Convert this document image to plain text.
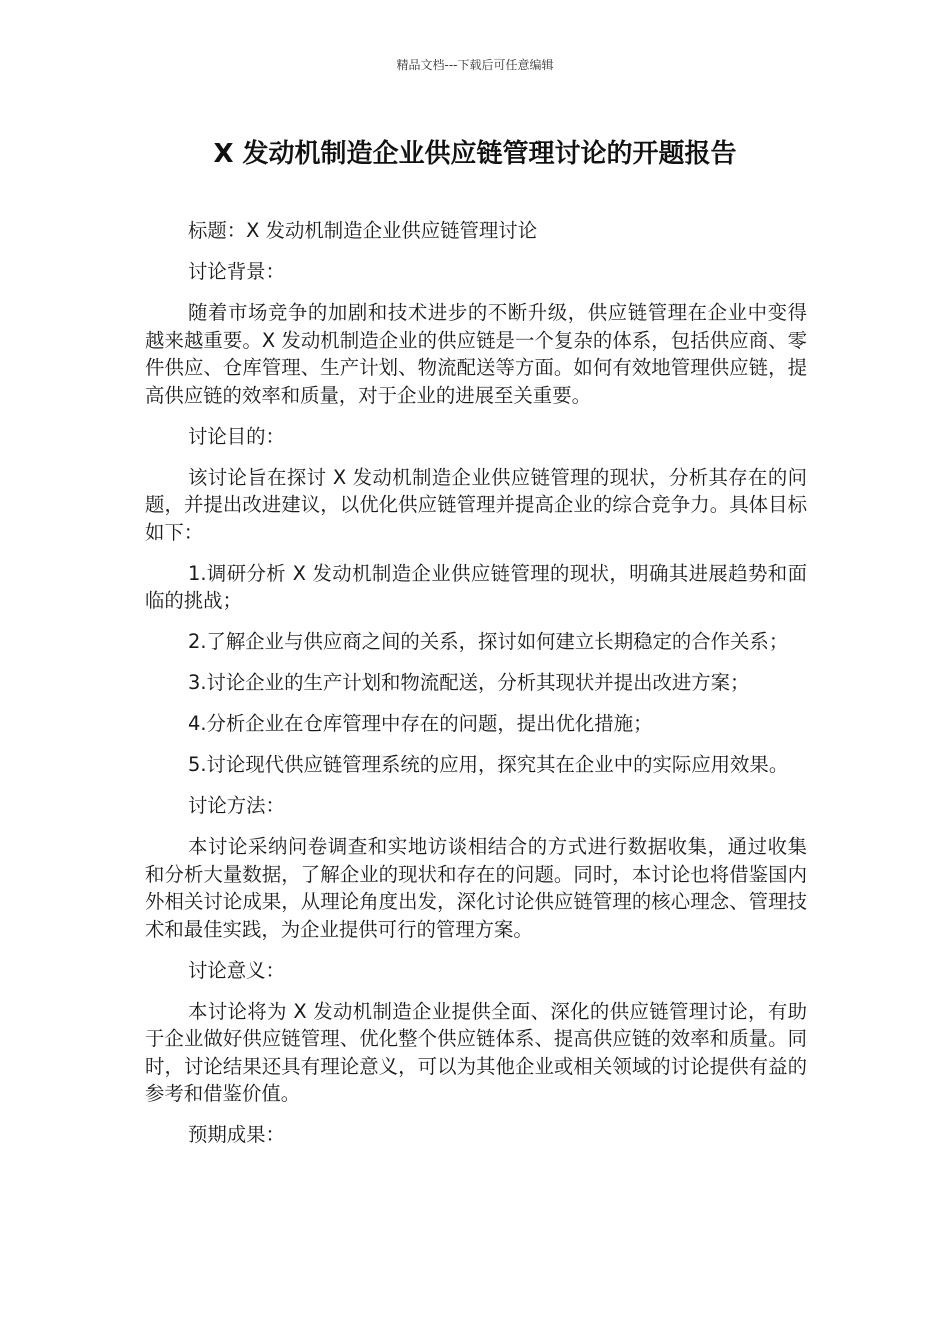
精品文档---下载后可任意编辑
X 发动机制造企业供应链管理讨论的开题报告

标题：X 发动机制造企业供应链管理讨论

讨论背景：

随着市场竞争的加剧和技术进步的不断升级，供应链管理在企业中变得越来越重要。X 发动机制造企业的供应链是一个复杂的体系，包括供应商、零件供应、仓库管理、生产计划、物流配送等方面。如何有效地管理供应链，提高供应链的效率和质量，对于企业的进展至关重要。

讨论目的：

该讨论旨在探讨 X 发动机制造企业供应链管理的现状，分析其存在的问题，并提出改进建议，以优化供应链管理并提高企业的综合竞争力。具体目标如下：

1.调研分析 X 发动机制造企业供应链管理的现状，明确其进展趋势和面临的挑战；

2.了解企业与供应商之间的关系，探讨如何建立长期稳定的合作关系；

3.讨论企业的生产计划和物流配送，分析其现状并提出改进方案；

4.分析企业在仓库管理中存在的问题，提出优化措施；

5.讨论现代供应链管理系统的应用，探究其在企业中的实际应用效果。

讨论方法：

本讨论采纳问卷调查和实地访谈相结合的方式进行数据收集，通过收集和分析大量数据，了解企业的现状和存在的问题。同时，本讨论也将借鉴国内外相关讨论成果，从理论角度出发，深化讨论供应链管理的核心理念、管理技术和最佳实践，为企业提供可行的管理方案。

讨论意义：

本讨论将为 X 发动机制造企业提供全面、深化的供应链管理讨论，有助于企业做好供应链管理、优化整个供应链体系、提高供应链的效率和质量。同时，讨论结果还具有理论意义，可以为其他企业或相关领域的讨论提供有益的参考和借鉴价值。

预期成果：
